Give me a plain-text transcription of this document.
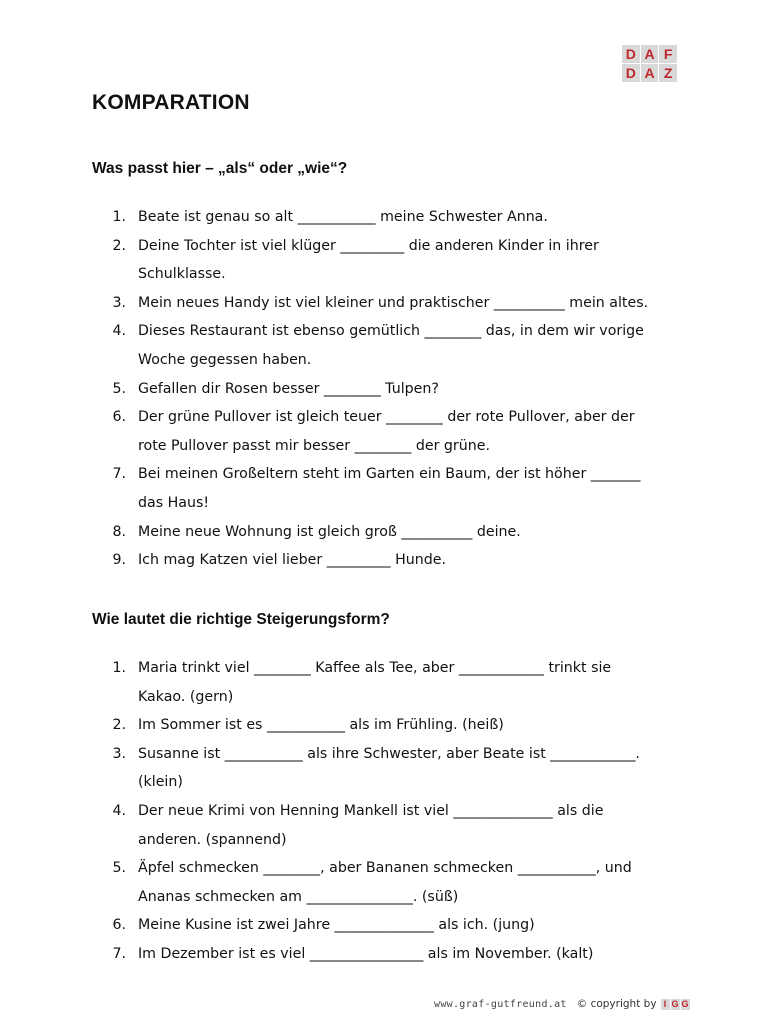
D A F
D A Z
KOMPARATION
Was passt hier – „als“ oder „wie“?
1. Beate ist genau so alt ___________ meine Schwester Anna.
2. Deine Tochter ist viel klüger _________ die anderen Kinder in ihrer
Schulklasse.
3. Mein neues Handy ist viel kleiner und praktischer __________ mein altes.
4. Dieses Restaurant ist ebenso gemütlich ________ das, in dem wir vorige
Woche gegessen haben.
5. Gefallen dir Rosen besser ________ Tulpen?
6. Der grüne Pullover ist gleich teuer ________ der rote Pullover, aber der
rote Pullover passt mir besser ________ der grüne.
7. Bei meinen Großeltern steht im Garten ein Baum, der ist höher _______
das Haus!
8. Meine neue Wohnung ist gleich groß __________ deine.
9. Ich mag Katzen viel lieber _________ Hunde.
Wie lautet die richtige Steigerungsform?
1. Maria trinkt viel ________ Kaffee als Tee, aber ____________ trinkt sie
Kakao. (gern)
2. Im Sommer ist es ___________ als im Frühling. (heiß)
3. Susanne ist ___________ als ihre Schwester, aber Beate ist ____________.
(klein)
4. Der neue Krimi von Henning Mankell ist viel ______________ als die
anderen. (spannend)
5. Äpfel schmecken ________, aber Bananen schmecken ___________, und
Ananas schmecken am _______________. (süß)
6. Meine Kusine ist zwei Jahre ______________ als ich. (jung)
7. Im Dezember ist es viel ________________ als im November. (kalt)
www.graf-gutfreund.at © copyright by I G G
